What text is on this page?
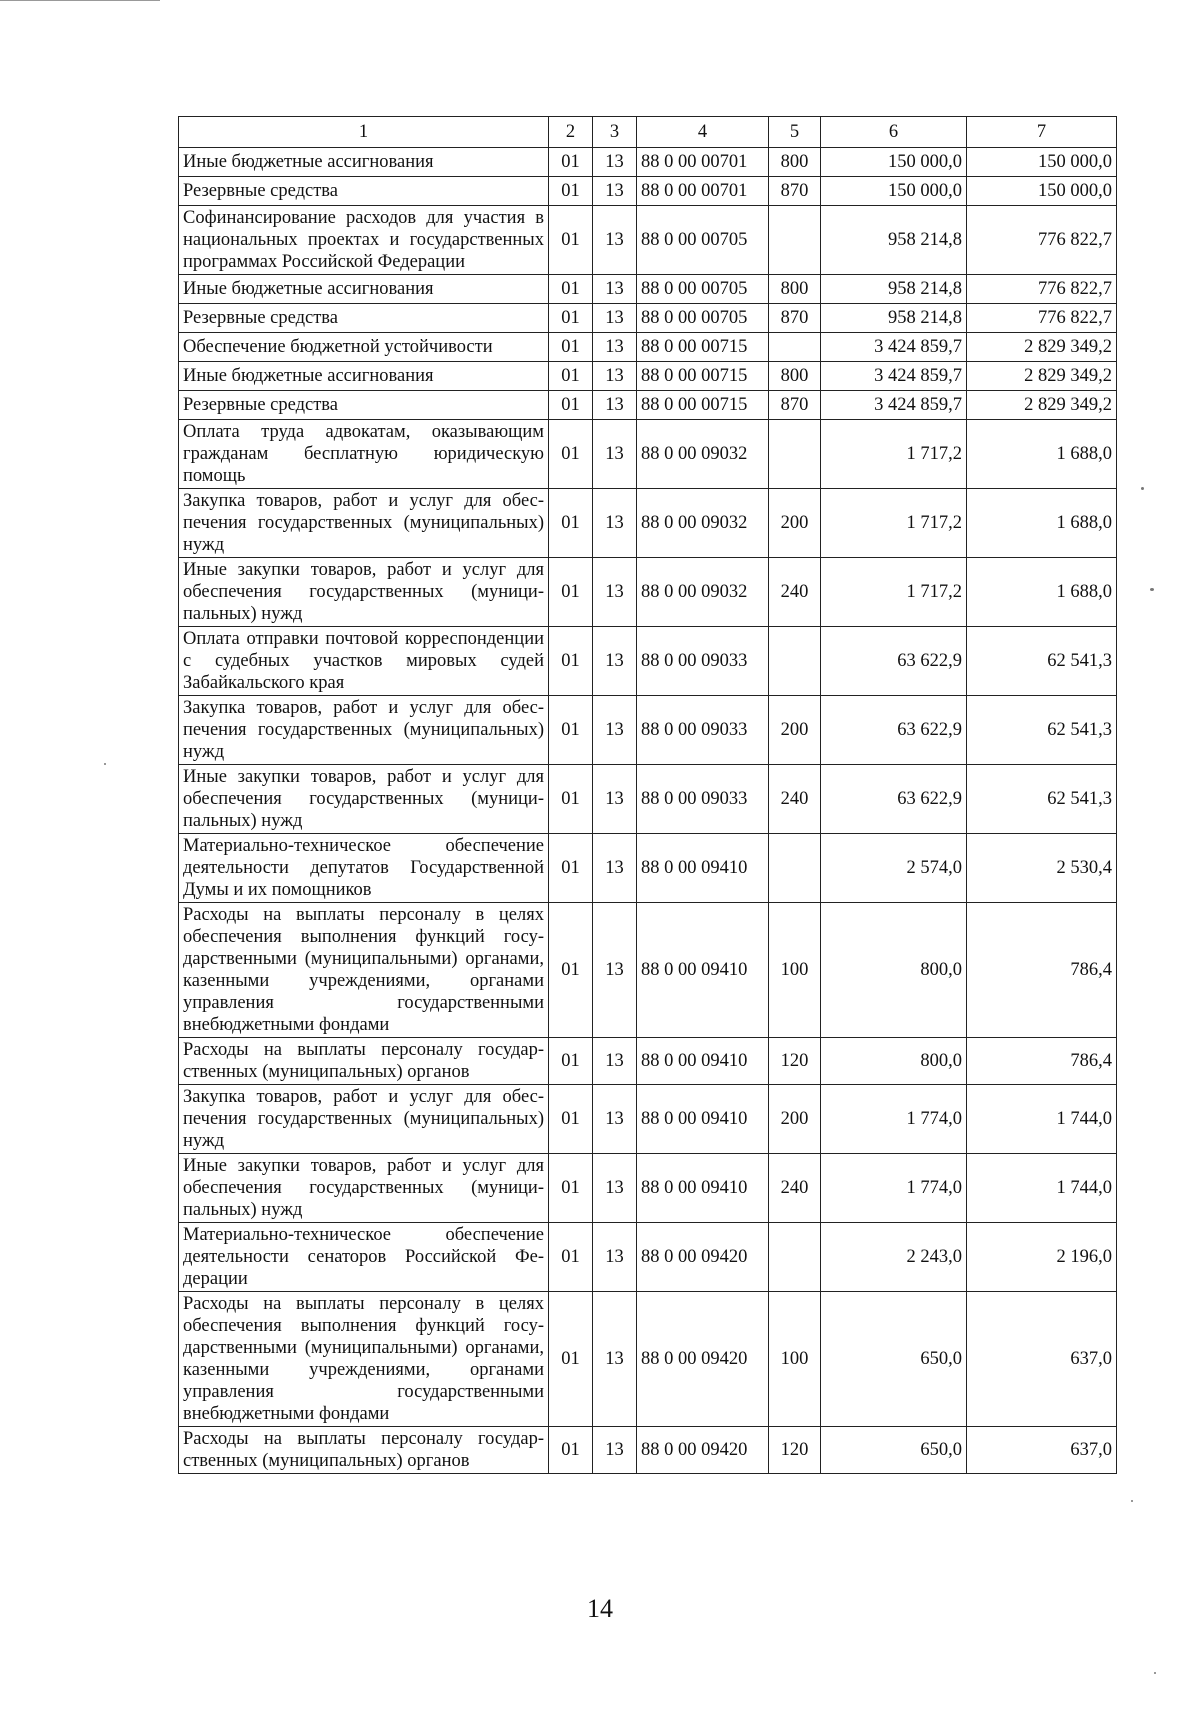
1	2	3	4	5	6	7
Иные бюджетные ассигнования	01	13	88 0 00 00701	800	150 000,0	150 000,0
Резервные средства	01	13	88 0 00 00701	870	150 000,0	150 000,0
Софинансирование расходов для участия в национальных проектах и государственных программах Российской Федерации	01	13	88 0 00 00705		958 214,8	776 822,7
Иные бюджетные ассигнования	01	13	88 0 00 00705	800	958 214,8	776 822,7
Резервные средства	01	13	88 0 00 00705	870	958 214,8	776 822,7
Обеспечение бюджетной устойчивости	01	13	88 0 00 00715		3 424 859,7	2 829 349,2
Иные бюджетные ассигнования	01	13	88 0 00 00715	800	3 424 859,7	2 829 349,2
Резервные средства	01	13	88 0 00 00715	870	3 424 859,7	2 829 349,2
Оплата труда адвокатам, оказывающим гражданам бесплатную юридическую помощь	01	13	88 0 00 09032		1 717,2	1 688,0
Закупка товаров, работ и услуг для обеспечения государственных (муниципальных) нужд	01	13	88 0 00 09032	200	1 717,2	1 688,0
Иные закупки товаров, работ и услуг для обеспечения государственных (муниципальных) нужд	01	13	88 0 00 09032	240	1 717,2	1 688,0
Оплата отправки почтовой корреспонденции с судебных участков мировых судей Забайкальского края	01	13	88 0 00 09033		63 622,9	62 541,3
Закупка товаров, работ и услуг для обеспечения государственных (муниципальных) нужд	01	13	88 0 00 09033	200	63 622,9	62 541,3
Иные закупки товаров, работ и услуг для обеспечения государственных (муниципальных) нужд	01	13	88 0 00 09033	240	63 622,9	62 541,3
Материально-техническое обеспечение деятельности депутатов Государственной Думы и их помощников	01	13	88 0 00 09410		2 574,0	2 530,4
Расходы на выплаты персоналу в целях обеспечения выполнения функций государственными (муниципальными) органами, казенными учреждениями, органами управления государственными внебюджетными фондами	01	13	88 0 00 09410	100	800,0	786,4
Расходы на выплаты персоналу государственных (муниципальных) органов	01	13	88 0 00 09410	120	800,0	786,4
Закупка товаров, работ и услуг для обеспечения государственных (муниципальных) нужд	01	13	88 0 00 09410	200	1 774,0	1 744,0
Иные закупки товаров, работ и услуг для обеспечения государственных (муниципальных) нужд	01	13	88 0 00 09410	240	1 774,0	1 744,0
Материально-техническое обеспечение деятельности сенаторов Российской Федерации	01	13	88 0 00 09420		2 243,0	2 196,0
Расходы на выплаты персоналу в целях обеспечения выполнения функций государственными (муниципальными) органами, казенными учреждениями, органами управления государственными внебюджетными фондами	01	13	88 0 00 09420	100	650,0	637,0
Расходы на выплаты персоналу государственных (муниципальных) органов	01	13	88 0 00 09420	120	650,0	637,0
14
